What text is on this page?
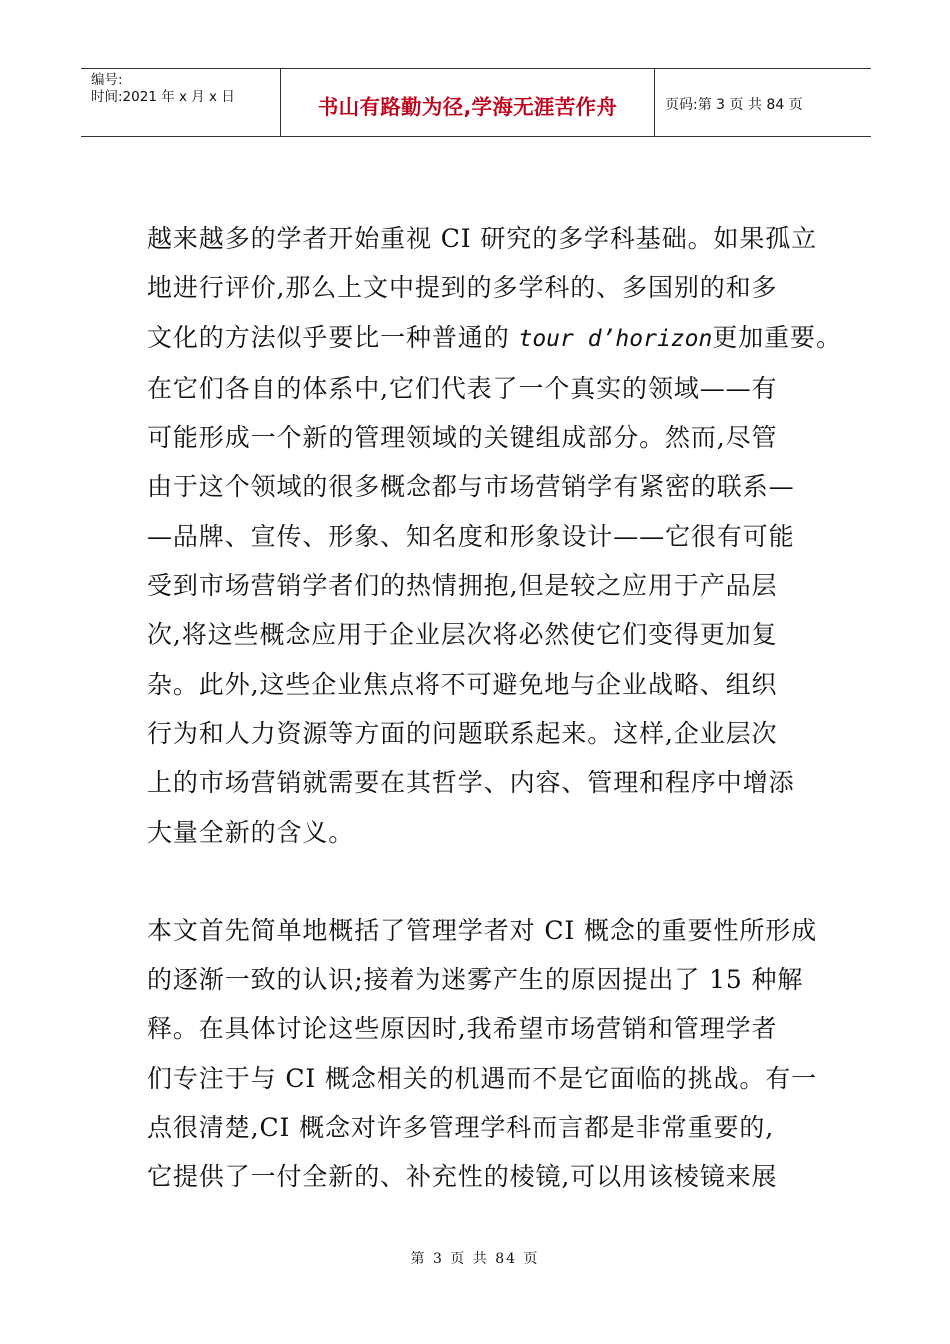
编号:
时间:2021 年 x 月 x 日	书山有路勤为径,学海无涯苦作舟	页码:第 3 页 共 84 页

越来越多的学者开始重视 CI 研究的多学科基础。如果孤立
地进行评价,那么上文中提到的多学科的、多国别的和多
文化的方法似乎要比一种普通的 tour d’horizon更加重要。
在它们各自的体系中,它们代表了一个真实的领域——有
可能形成一个新的管理领域的关键组成部分。然而,尽管
由于这个领域的很多概念都与市场营销学有紧密的联系—
—品牌、宣传、形象、知名度和形象设计——它很有可能
受到市场营销学者们的热情拥抱,但是较之应用于产品层
次,将这些概念应用于企业层次将必然使它们变得更加复
杂。此外,这些企业焦点将不可避免地与企业战略、组织
行为和人力资源等方面的问题联系起来。这样,企业层次
上的市场营销就需要在其哲学、内容、管理和程序中增添
大量全新的含义。

本文首先简单地概括了管理学者对 CI 概念的重要性所形成
的逐渐一致的认识;接着为迷雾产生的原因提出了 15 种解
释。在具体讨论这些原因时,我希望市场营销和管理学者
们专注于与 CI 概念相关的机遇而不是它面临的挑战。有一
点很清楚,CI 概念对许多管理学科而言都是非常重要的,
它提供了一付全新的、补充性的棱镜,可以用该棱镜来展

第 3 页 共 84 页
